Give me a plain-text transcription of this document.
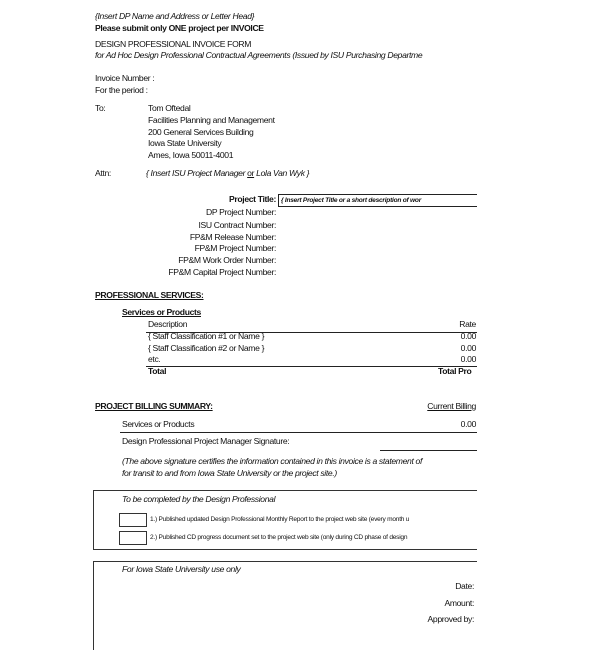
{Insert DP Name and Address or Letter Head}
Please submit only ONE project per INVOICE
DESIGN PROFESSIONAL INVOICE FORM
for Ad Hoc Design Professional Contractual Agreements (Issued by ISU Purchasing Departme
Invoice Number :
For the period :
To:	Tom Oftedal
Facilities Planning and Management
200 General Services Building
Iowa State University
Ames, Iowa 50011-4001
Attn:	{ Insert ISU Project Manager or Lola Van Wyk }
Project Title: { Insert Project Title or a short description of wor
DP Project Number:
ISU Contract Number:
FP&M Release Number:
FP&M Project Number:
FP&M Work Order Number:
FP&M Capital Project Number:
PROFESSIONAL SERVICES:
Services or Products
Description	Rate
{ Staff Classification #1 or Name }	0.00
{ Staff Classification #2 or Name }	0.00
etc.	0.00
Total	Total Pro
PROJECT BILLING SUMMARY:	Current Billing
Services or Products	0.00
Design Professional Project Manager Signature:
(The above signature certifies the information contained in this invoice is a statement of
for transit to and from Iowa State University or the project site.)
To be completed by the Design Professional
1.) Published updated Design Professional Monthly Report to the project web site (every month u
2.) Published CD progress document set to the project web site (only during CD phase of design
For Iowa State University use only
Date:
Amount:
Approved by:
